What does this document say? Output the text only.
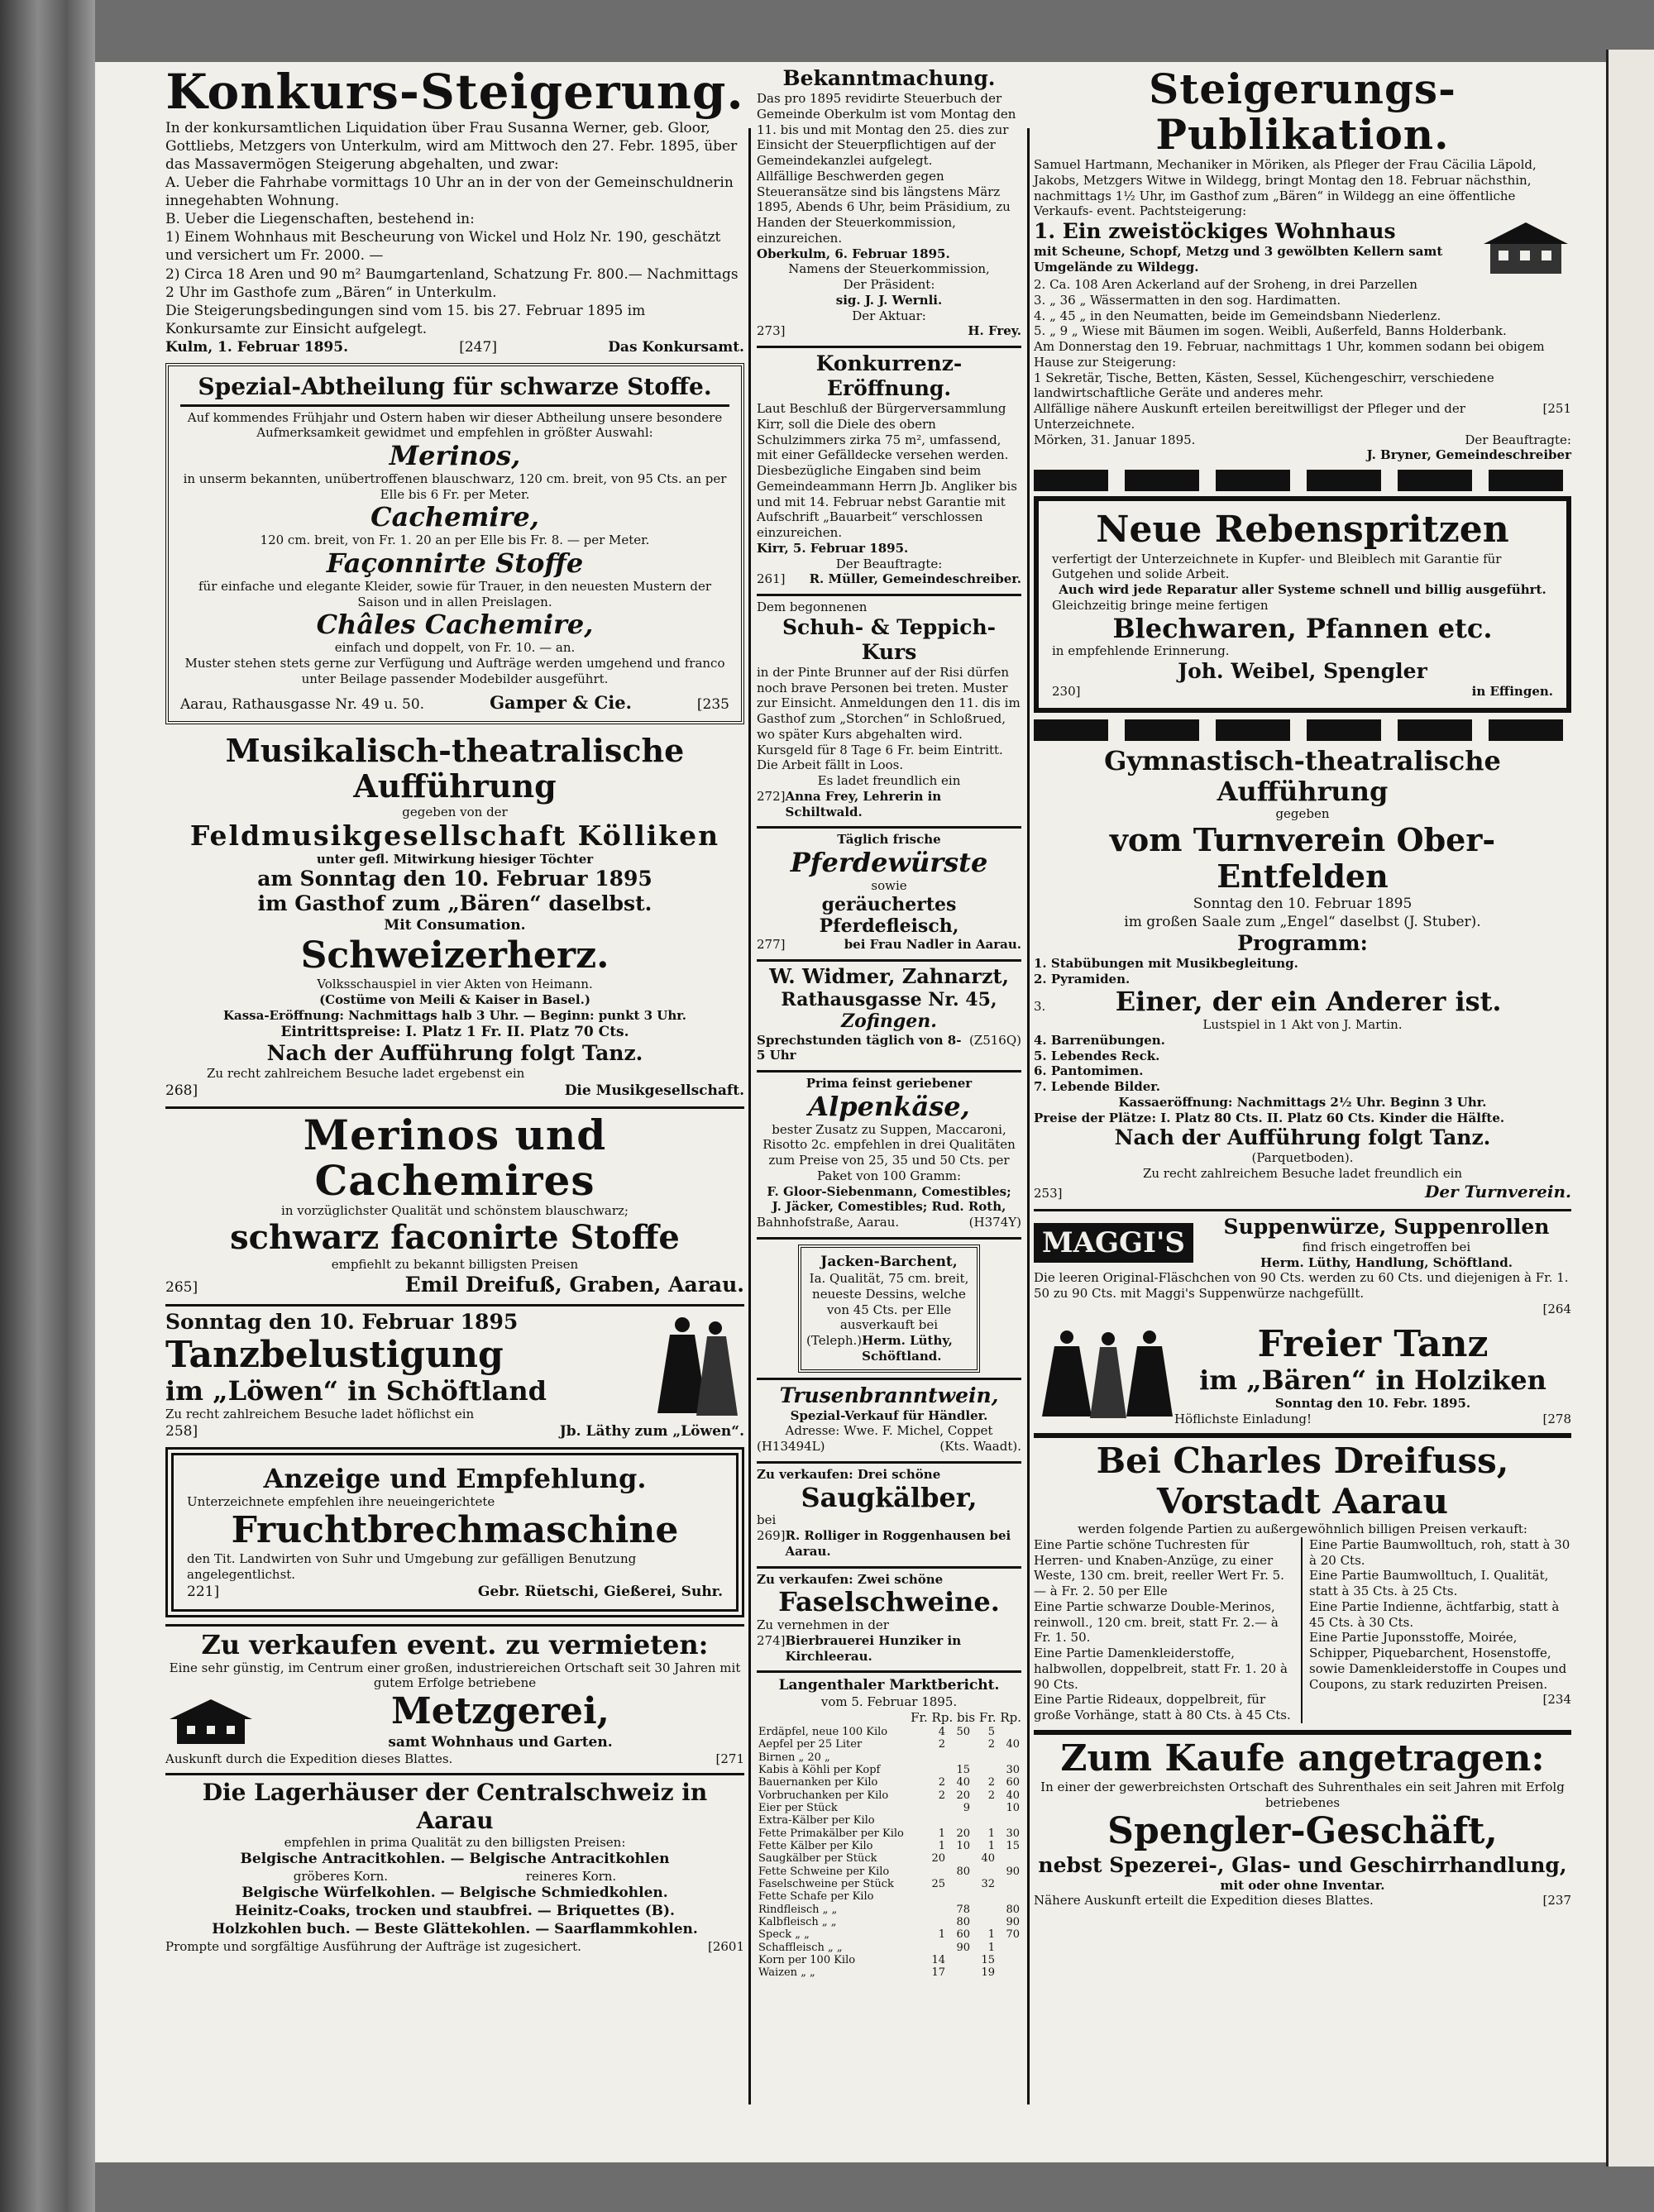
Konkurs-Steigerung.
In der konkursamtlichen Liquidation über Frau Susanna Werner, geb. Gloor, Gottliebs, Metzgers von Unterkulm, wird am Mittwoch den 27. Febr. 1895, über das Massavermögen Steigerung abgehalten, und zwar:
A. Ueber die Fahrhabe vormittags 10 Uhr an in der von der Gemeinschuldnerin innegehabten Wohnung.
B. Ueber die Liegenschaften, bestehend in:
1) Einem Wohnhaus mit Bescheurung von Wickel und Holz Nr. 190, geschätzt und versichert um Fr. 2000. —
2) Circa 18 Aren und 90 m² Baumgartenland, Schatzung Fr. 800.— Nachmittags 2 Uhr im Gasthofe zum „Bären“ in Unterkulm.
Die Steigerungsbedingungen sind vom 15. bis 27. Februar 1895 im Konkursamte zur Einsicht aufgelegt.
Kulm, 1. Februar 1895.	[247]	Das Konkursamt.
Spezial-Abtheilung für schwarze Stoffe.
Auf kommendes Frühjahr und Ostern haben wir dieser Abtheilung unsere besondere Aufmerksamkeit gewidmet und empfehlen in größter Auswahl:
Merinos,
in unserm bekannten, unübertroffenen blauschwarz, 120 cm. breit, von 95 Cts. an per Elle bis 6 Fr. per Meter.
Cachemire,
120 cm. breit, von Fr. 1. 20 an per Elle bis Fr. 8. — per Meter.
Façonnirte Stoffe
für einfache und elegante Kleider, sowie für Trauer, in den neuesten Mustern der Saison und in allen Preislagen.
Châles Cachemire,
einfach und doppelt, von Fr. 10. — an.
Muster stehen stets gerne zur Verfügung und Aufträge werden umgehend und franco unter Beilage passender Modebilder ausgeführt.
Aarau, Rathausgasse Nr. 49 u. 50.	Gamper & Cie.	[235
Musikalisch-theatralische Aufführung
gegeben von der
Feldmusikgesellschaft Kölliken
unter gefl. Mitwirkung hiesiger Töchter
am Sonntag den 10. Februar 1895
im Gasthof zum „Bären“ daselbst.
Mit Consumation.
Schweizerherz.
Volksschauspiel in vier Akten von Heimann.
(Costüme von Meili & Kaiser in Basel.)
Kassa-Eröffnung: Nachmittags halb 3 Uhr. — Beginn: punkt 3 Uhr.
Eintrittspreise: I. Platz 1 Fr. II. Platz 70 Cts.
Nach der Aufführung folgt Tanz.
Zu recht zahlreichem Besuche ladet ergebenst ein
268]	Die Musikgesellschaft.
Merinos und Cachemires
in vorzüglichster Qualität und schönstem blauschwarz;
schwarz faconirte Stoffe
empfiehlt zu bekannt billigsten Preisen
265]	Emil Dreifuß, Graben, Aarau.
Sonntag den 10. Februar 1895
Tanzbelustigung
im „Löwen“ in Schöftland
Zu recht zahlreichem Besuche ladet höflichst ein
258]	Jb. Läthy zum „Löwen“.
Anzeige und Empfehlung.
Unterzeichnete empfehlen ihre neueingerichtete
Fruchtbrechmaschine
den Tit. Landwirten von Suhr und Umgebung zur gefälligen Benutzung angelegentlichst.
221]	Gebr. Rüetschi, Gießerei, Suhr.
Zu verkaufen event. zu vermieten:
Eine sehr günstig, im Centrum einer großen, industriereichen Ortschaft seit 30 Jahren mit gutem Erfolge betriebene
Metzgerei,
samt Wohnhaus und Garten.
Auskunft durch die Expedition dieses Blattes.	[271
Die Lagerhäuser der Centralschweiz in Aarau
empfehlen in prima Qualität zu den billigsten Preisen:
Belgische Antracitkohlen. — Belgische Antracitkohlen
gröberes Korn.                                   reineres Korn.
Belgische Würfelkohlen. — Belgische Schmiedkohlen.
Heinitz-Coaks, trocken und staubfrei. — Briquettes (B).
Holzkohlen buch. — Beste Glättekohlen. — Saarflammkohlen.
Prompte und sorgfältige Ausführung der Aufträge ist zugesichert.	[2601
Bekanntmachung.
Das pro 1895 revidirte Steuerbuch der Gemeinde Oberkulm ist vom Montag den 11. bis und mit Montag den 25. dies zur Einsicht der Steuerpflichtigen auf der Gemeindekanzlei aufgelegt.
Allfällige Beschwerden gegen Steueransätze sind bis längstens März 1895, Abends 6 Uhr, beim Präsidium, zu Handen der Steuerkommission, einzureichen.
Oberkulm, 6. Februar 1895.
Namens der Steuerkommission,
Der Präsident:
sig. J. J. Wernli.
Der Aktuar:
273]	H. Frey.
Konkurrenz-Eröffnung.
Laut Beschluß der Bürgerversammlung Kirr, soll die Diele des obern Schulzimmers zirka 75 m², umfassend, mit einer Gefälldecke versehen werden.
Diesbezügliche Eingaben sind beim Gemeindeammann Herrn Jb. Angliker bis und mit 14. Februar nebst Garantie mit Aufschrift „Bauarbeit“ verschlossen einzureichen.
Kirr, 5. Februar 1895.
Der Beauftragte:
261] R. Müller, Gemeindeschreiber.
Dem begonnenen
Schuh- & Teppich-Kurs
in der Pinte Brunner auf der Risi dürfen noch brave Personen bei treten. Muster zur Einsicht. Anmeldungen den 11. dis im Gasthof zum „Storchen“ in Schloßrued, wo später Kurs abgehalten wird. Kursgeld für 8 Tage 6 Fr. beim Eintritt. Die Arbeit fällt in Loos.
Es ladet freundlich ein
272] Anna Frey, Lehrerin in Schiltwald.
Täglich frische
Pferdewürste
sowie
geräuchertes Pferdefleisch,
277]	bei Frau Nadler in Aarau.
W. Widmer, Zahnarzt,
Rathausgasse Nr. 45,
Zofingen.
Sprechstunden täglich von 8-5 Uhr
(Z516Q)
Prima feinst geriebener
Alpenkäse,
bester Zusatz zu Suppen, Maccaroni, Risotto 2c. empfehlen in drei Qualitäten zum Preise von 25, 35 und 50 Cts. per Paket von 100 Gramm:
F. Gloor-Siebenmann, Comestibles;
J. Jäcker, Comestibles; Rud. Roth,
Bahnhofstraße, Aarau.	(H374Y)
Jacken-Barchent,
Ia. Qualität, 75 cm. breit, neueste Dessins, welche von 45 Cts. per Elle ausverkauft bei
(Teleph.) Herm. Lüthy, Schöftland.
Trusenbranntwein,
Spezial-Verkauf für Händler.
Adresse: Wwe. F. Michel, Coppet
(H13494L)	(Kts. Waadt).
Zu verkaufen: Drei schöne
Saugkälber,
bei
269] R. Rolliger in Roggenhausen bei Aarau.
Zu verkaufen: Zwei schöne
Faselschweine.
Zu vernehmen in der
274] Bierbrauerei Hunziker in Kirchleerau.
Langenthaler Marktbericht.
vom 5. Februar 1895.
Fr. Rp. bis Fr. Rp.
Erdäpfel, neue 100 Kilo	4	50	5	
Aepfel per 25 Liter	2		2	40
Birnen „ 20 „				
Kabis à Köhli per Kopf		15		30
Bauernanken per Kilo	2	40	2	60
Vorbruchanken per Kilo	2	20	2	40
Eier per Stück		9		10
Extra-Kälber per Kilo				
Fette Primakälber per Kilo	1	20	1	30
Fette Kälber per Kilo	1	10	1	15
Saugkälber per Stück	20		40	
Fette Schweine per Kilo		80		90
Faselschweine per Stück	25		32	
Fette Schafe per Kilo				
Rindfleisch „ „		78		80
Kalbfleisch „ „		80		90
Speck „ „	1	60	1	70
Schaffleisch „ „		90	1	
Korn per 100 Kilo	14		15	
Waizen „ „	17		19	
Steigerungs-Publikation.
Samuel Hartmann, Mechaniker in Möriken, als Pfleger der Frau Cäcilia Läpold, Jakobs, Metzgers Witwe in Wildegg, bringt Montag den 18. Februar nächsthin, nachmittags 1½ Uhr, im Gasthof zum „Bären“ in Wildegg an eine öffentliche Verkaufs- event. Pachtsteigerung:
1. Ein zweistöckiges Wohnhaus
mit Scheune, Schopf, Metzg und 3 gewölbten Kellern samt Umgelände zu Wildegg.
2. Ca. 108 Aren Ackerland auf der Sroheng, in drei Parzellen
3. „ 36 „ Wässermatten in den sog. Hardimatten.
4. „ 45 „ in den Neumatten, beide im Gemeindsbann Niederlenz.
5. „ 9 „ Wiese mit Bäumen im sogen. Weibli, Außerfeld, Banns Holderbank.
Am Donnerstag den 19. Februar, nachmittags 1 Uhr, kommen sodann bei obigem Hause zur Steigerung:
1 Sekretär, Tische, Betten, Kästen, Sessel, Küchengeschirr, verschiedene landwirtschaftliche Geräte und anderes mehr.
Allfällige nähere Auskunft erteilen bereitwilligst der Pfleger und der Unterzeichnete.
[251
Mörken, 31. Januar 1895.	Der Beauftragte:
J. Bryner, Gemeindeschreiber
Neue Rebenspritzen
verfertigt der Unterzeichnete in Kupfer- und Bleiblech mit Garantie für Gutgehen und solide Arbeit.
Auch wird jede Reparatur aller Systeme schnell und billig ausgeführt.
Gleichzeitig bringe meine fertigen
Blechwaren, Pfannen etc.
in empfehlende Erinnerung.
Joh. Weibel, Spengler
230]	in Effingen.
Gymnastisch-theatralische Aufführung
gegeben
vom Turnverein Ober-Entfelden
Sonntag den 10. Februar 1895
im großen Saale zum „Engel“ daselbst (J. Stuber).
Programm:
1. Stabübungen mit Musikbegleitung.
2. Pyramiden.
3.	Einer, der ein Anderer ist.
Lustspiel in 1 Akt von J. Martin.
4. Barrenübungen.
5. Lebendes Reck.
6. Pantomimen.
7. Lebende Bilder.
Kassaeröffnung: Nachmittags 2½ Uhr. Beginn 3 Uhr.
Preise der Plätze: I. Platz 80 Cts. II. Platz 60 Cts. Kinder die Hälfte.
Nach der Aufführung folgt Tanz.
(Parquetboden).
Zu recht zahlreichem Besuche ladet freundlich ein
253]	Der Turnverein.
MAGGI'S	Suppenwürze, Suppenrollen
find frisch eingetroffen bei
Herm. Lüthy, Handlung, Schöftland.
Die leeren Original-Fläschchen von 90 Cts. werden zu 60 Cts. und diejenigen à Fr. 1. 50 zu 90 Cts. mit Maggi's Suppenwürze nachgefüllt.
[264
Freier Tanz
im „Bären“ in Holziken
Sonntag den 10. Febr. 1895.
Höflichste Einladung!	[278
Bei Charles Dreifuss, Vorstadt Aarau
werden folgende Partien zu außergewöhnlich billigen Preisen verkauft:
Eine Partie schöne Tuchresten für Herren- und Knaben-Anzüge, zu einer Weste, 130 cm. breit, reeller Wert Fr. 5.— à Fr. 2. 50 per Elle
Eine Partie schwarze Double-Merinos, reinwoll., 120 cm. breit, statt Fr. 2.— à Fr. 1. 50.
Eine Partie Damenkleiderstoffe, halbwollen, doppelbreit, statt Fr. 1. 20 à 90 Cts.
Eine Partie Rideaux, doppelbreit, für große Vorhänge, statt à 80 Cts. à 45 Cts.
Eine Partie Baumwolltuch, roh, statt à 30 à 20 Cts.
Eine Partie Baumwolltuch, I. Qualität, statt à 35 Cts. à 25 Cts.
Eine Partie Indienne, ächtfarbig, statt à 45 Cts. à 30 Cts.
Eine Partie Juponsstoffe, Moirée, Schipper, Piquebarchent, Hosenstoffe, sowie Damenkleiderstoffe in Coupes und Coupons, zu stark reduzirten Preisen.
[234
Zum Kaufe angetragen:
In einer der gewerbreichsten Ortschaft des Suhrenthales ein seit Jahren mit Erfolg betriebenes
Spengler-Geschäft,
nebst Spezerei-, Glas- und Geschirrhandlung,
mit oder ohne Inventar.
Nähere Auskunft erteilt die Expedition dieses Blattes.	[237
